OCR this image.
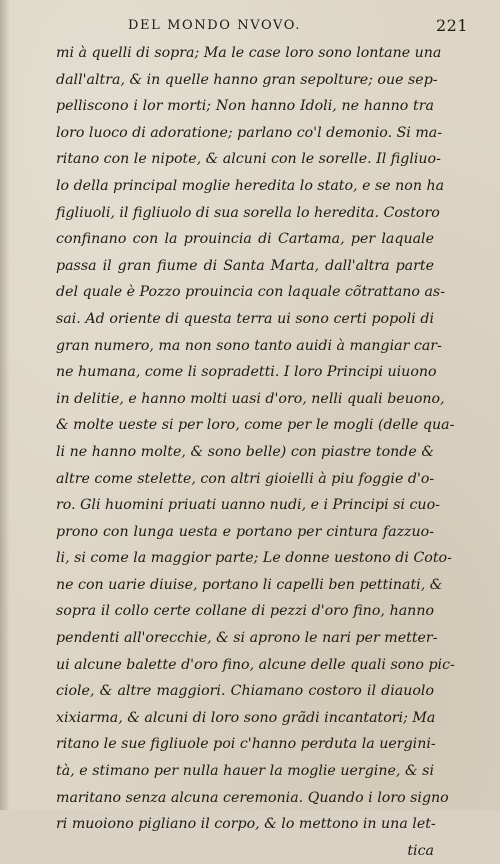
DEL MONDO NVOVO.	221
mi à quelli di sopra; Ma le case loro sono lontane una
dall'altra, & in quelle hanno gran sepolture; oue sep-
pelliscono i lor morti; Non hanno Idoli, ne hanno tra
loro luoco di adoratione; parlano co'l demonio. Si ma-
ritano con le nipote, & alcuni con le sorelle. Il figliuo-
lo della principal moglie heredita lo stato, e se non ha
figliuoli, il figliuolo di sua sorella lo heredita. Costoro
confinano con la prouincia di Cartama, per laquale
passa il gran fiume di Santa Marta, dall'altra parte
del quale è Pozzo prouincia con laquale cõtrattano as-
sai. Ad oriente di questa terra ui sono certi popoli di
gran numero, ma non sono tanto auidi à mangiar car-
ne humana, come li sopradetti. I loro Principi uiuono
in delitie, e hanno molti uasi d'oro, nelli quali beuono,
& molte ueste si per loro, come per le mogli (delle qua-
li ne hanno molte, & sono belle) con piastre tonde &
altre come stelette, con altri gioielli à piu foggie d'o-
ro. Gli huomini priuati uanno nudi, e i Principi si cuo-
prono con lunga uesta e portano per cintura fazzuo-
li, si come la maggior parte; Le donne uestono di Coto-
ne con uarie diuise, portano li capelli ben pettinati, &
sopra il collo certe collane di pezzi d'oro fino, hanno
pendenti all'orecchie, & si aprono le nari per metter-
ui alcune balette d'oro fino, alcune delle quali sono pic-
ciole, & altre maggiori. Chiamano costoro il diauolo
xixiarma, & alcuni di loro sono grãdi incantatori; Ma
ritano le sue figliuole poi c'hanno perduta la uergini-
tà, e stimano per nulla hauer la moglie uergine, & si
maritano senza alcuna ceremonia. Quando i loro signo
ri muoiono pigliano il corpo, & lo mettono in una let-
tica
